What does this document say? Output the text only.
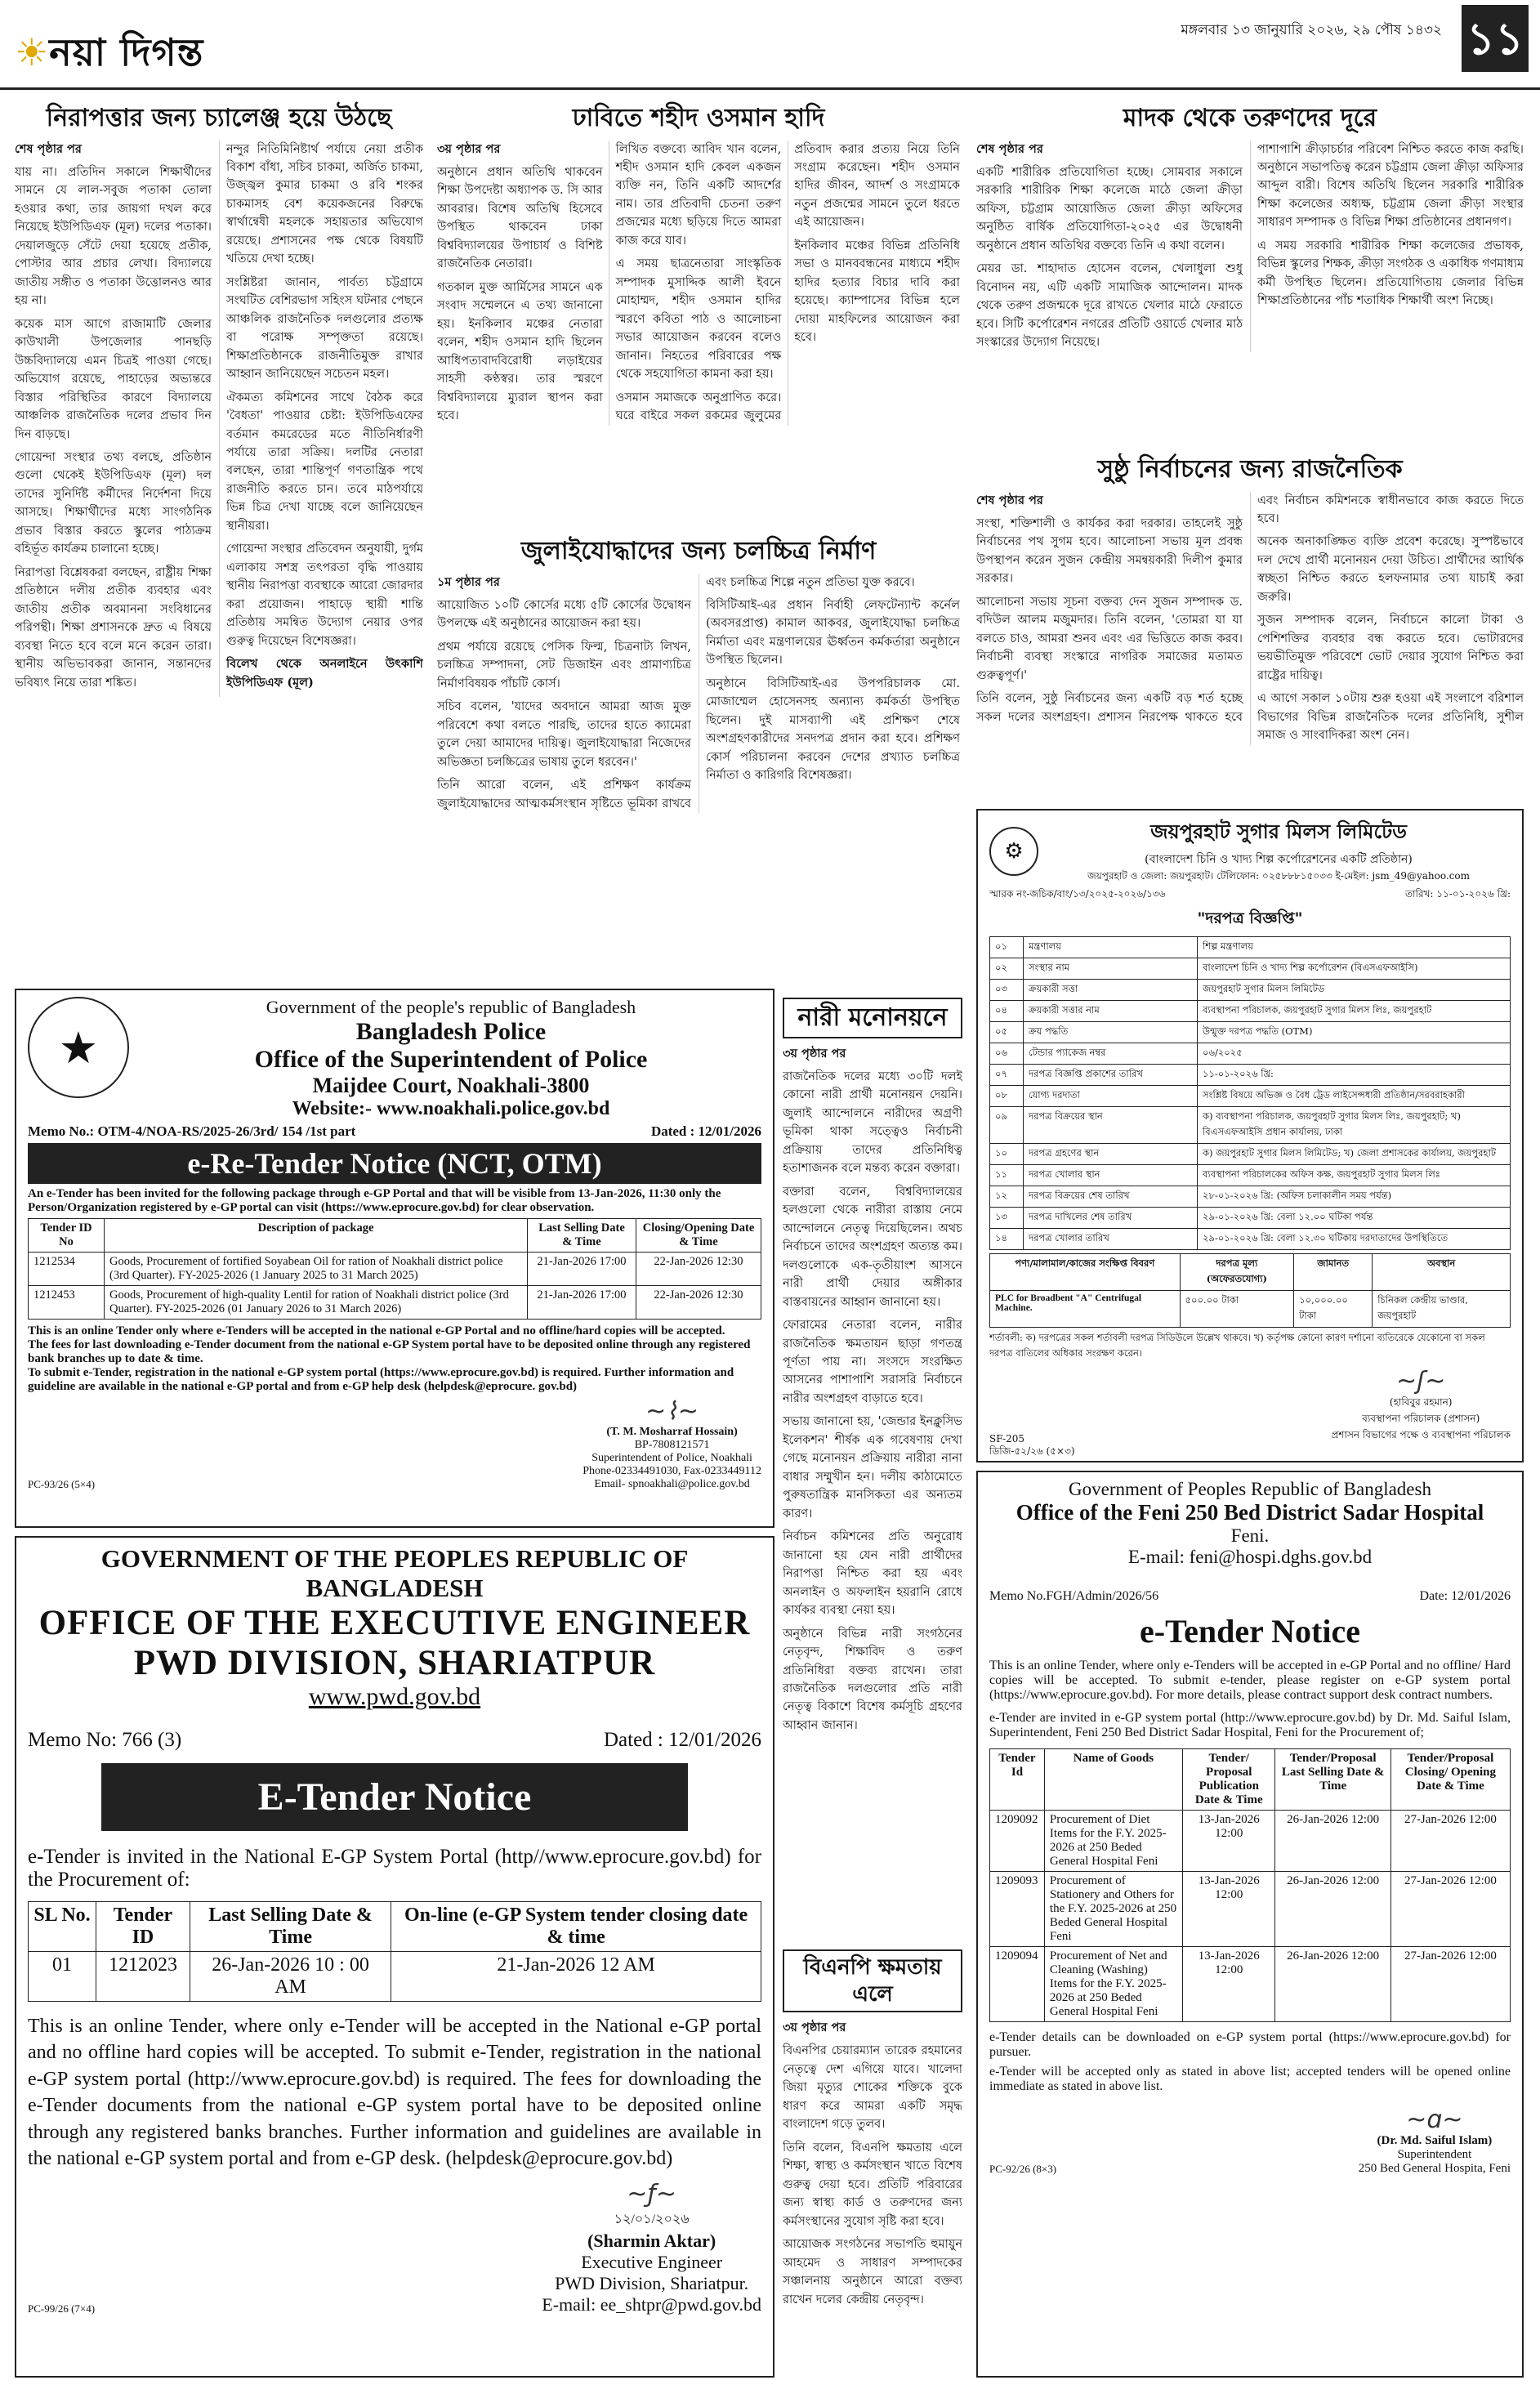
☀নয়া দিগন্ত	মঙ্গলবার ১৩ জানুয়ারি ২০২৬, ২৯ পৌষ ১৪৩২ ১১
নিরাপত্তার জন্য চ্যালেঞ্জ হয়ে উঠছে

শেষ পৃষ্ঠার পর

যায় না। প্রতিদিন সকালে শিক্ষার্থীদের সামনে যে লাল-সবুজ পতাকা তোলা হওয়ার কথা, তার জায়গা দখল করে নিয়েছে ইউপিডিএফ (মূল) দলের পতাকা। দেয়ালজুড়ে সেঁটে দেয়া হয়েছে প্রতীক, পোস্টার আর প্রচার লেখা। বিদ্যালয়ে জাতীয় সঙ্গীত ও পতাকা উত্তোলনও আর হয় না।

কয়েক মাস আগে রাজামাটি জেলার কাউখালী উপজেলার পানছড়ি উচ্চবিদ্যালয়ে এমন চিত্রই পাওয়া গেছে। অভিযোগ রয়েছে, পাহাড়ের অভ্যন্তরে বিস্তার পরিস্থিতির কারণে বিদ্যালয়ে আঞ্চলিক রাজনৈতিক দলের প্রভাব দিন দিন বাড়ছে।

গোয়েন্দা সংস্থার তথ্য বলছে, প্রতিষ্ঠান গুলো থেকেই ইউপিডিএফ (মূল) দল তাদের সুনির্দিষ্ট কর্মীদের নির্দেশনা দিয়ে আসছে। শিক্ষার্থীদের মধ্যে সাংগঠনিক প্রভাব বিস্তার করতে স্কুলের পাঠ্যক্রম বহির্ভূত কার্যক্রম চালানো হচ্ছে।

নিরাপত্তা বিশ্লেষকরা বলছেন, রাষ্ট্রীয় শিক্ষা প্রতিষ্ঠানে দলীয় প্রতীক ব্যবহার এবং জাতীয় প্রতীক অবমাননা সংবিধানের পরিপন্থী। শিক্ষা প্রশাসনকে দ্রুত এ বিষয়ে ব্যবস্থা নিতে হবে বলে মনে করেন তারা। স্থানীয় অভিভাবকরা জানান, সন্তানদের ভবিষ্যৎ নিয়ে তারা শঙ্কিত।

নন্দুর নিতিমিনিষ্টাৰ্থ পর্যায়ে নেয়া প্রতীক বিকাশ বাঁধা, সচিব চাকমা, অর্জিত চাকমা, উজ্জ্বল কুমার চাকমা ও রবি শংকর চাকমাসহ বেশ কয়েকজনের বিরুদ্ধে স্বার্থান্বেষী মহলকে সহায়তার অভিযোগ রয়েছে। প্রশাসনের পক্ষ থেকে বিষয়টি খতিয়ে দেখা হচ্ছে।

সংশ্লিষ্টরা জানান, পার্বত্য চট্টগ্রামে সংঘটিত বেশিরভাগ সহিংস ঘটনার পেছনে আঞ্চলিক রাজনৈতিক দলগুলোর প্রত্যক্ষ বা পরোক্ষ সম্পৃক্ততা রয়েছে। শিক্ষাপ্রতিষ্ঠানকে রাজনীতিমুক্ত রাখার আহ্বান জানিয়েছেন সচেতন মহল।

ঐকমত্য কমিশনের সাথে বৈঠক করে 'বৈধতা' পাওয়ার চেষ্টা: ইউপিডিএফের বর্তমান কমরেডের মতে নীতিনির্ধারণী পর্যায়ে তারা সক্রিয়। দলটির নেতারা বলছেন, তারা শান্তিপূর্ণ গণতান্ত্রিক পথে রাজনীতি করতে চান। তবে মাঠপর্যায়ে ভিন্ন চিত্র দেখা যাচ্ছে বলে জানিয়েছেন স্থানীয়রা।

গোয়েন্দা সংস্থার প্রতিবেদন অনুযায়ী, দুর্গম এলাকায় সশস্ত্র তৎপরতা বৃদ্ধি পাওয়ায় স্থানীয় নিরাপত্তা ব্যবস্থাকে আরো জোরদার করা প্রয়োজন। পাহাড়ে স্থায়ী শান্তি প্রতিষ্ঠায় সমন্বিত উদ্যোগ নেয়ার ওপর গুরুত্ব দিয়েছেন বিশেষজ্ঞরা।

বিলেখ থেকে অনলাইনে উৎকাশি ইউপিডিএফ (মূল)

ঢাবিতে শহীদ ওসমান হাদি

৩য় পৃষ্ঠার পর

অনুষ্ঠানে প্রধান অতিথি থাকবেন শিক্ষা উপদেষ্টা অধ্যাপক ড. সি আর আবরার। বিশেষ অতিথি হিসেবে উপস্থিত থাকবেন ঢাকা বিশ্ববিদ্যালয়ের উপাচার্য ও বিশিষ্ট রাজনৈতিক নেতারা।

গতকাল মুক্ত আর্মিসের সামনে এক সংবাদ সম্মেলনে এ তথ্য জানানো হয়। ইনকিলাব মঞ্চের নেতারা বলেন, শহীদ ওসমান হাদি ছিলেন আধিপত্যবাদবিরোধী লড়াইয়ের সাহসী কণ্ঠস্বর। তার স্মরণে বিশ্ববিদ্যালয়ে ম্যুরাল স্থাপন করা হবে।

লিখিত বক্তব্যে আবিদ খান বলেন, শহীদ ওসমান হাদি কেবল একজন ব্যক্তি নন, তিনি একটি আদর্শের নাম। তার প্রতিবাদী চেতনা তরুণ প্রজন্মের মধ্যে ছড়িয়ে দিতে আমরা কাজ করে যাব।

এ সময় ছাত্রনেতারা সাংস্কৃতিক সম্পাদক মুসাদ্দিক আলী ইবনে মোহাম্মদ, শহীদ ওসমান হাদির স্মরণে কবিতা পাঠ ও আলোচনা সভার আয়োজন করবেন বলেও জানান। নিহতের পরিবারের পক্ষ থেকে সহযোগিতা কামনা করা হয়।

ওসমান সমাজকে অনুপ্রাণিত করে। ঘরে বাইরে সকল রকমের জুলুমের প্রতিবাদ করার প্রত্যয় নিয়ে তিনি সংগ্রাম করেছেন। শহীদ ওসমান হাদির জীবন, আদর্শ ও সংগ্রামকে নতুন প্রজন্মের সামনে তুলে ধরতে এই আয়োজন।

ইনকিলাব মঞ্চের বিভিন্ন প্রতিনিধি সভা ও মানববন্ধনের মাধ্যমে শহীদ হাদির হত্যার বিচার দাবি করা হয়েছে। ক্যাম্পাসের বিভিন্ন হলে দোয়া মাহফিলের আয়োজন করা হবে।

জুলাইযোদ্ধাদের জন্য চলচ্চিত্র নির্মাণ

১ম পৃষ্ঠার পর

আয়োজিত ১০টি কোর্সের মধ্যে ৫টি কোর্সের উদ্বোধন উপলক্ষে এই অনুষ্ঠানের আয়োজন করা হয়।

প্রথম পর্যায়ে রয়েছে পেসিক ফিল্ম, চিত্রনাট্য লিখন, চলচ্চিত্র সম্পাদনা, সেট ডিজাইন এবং প্রামাণ্যচিত্র নির্মাণবিষয়ক পাঁচটি কোর্স।

সচিব বলেন, 'যাদের অবদানে আমরা আজ মুক্ত পরিবেশে কথা বলতে পারছি, তাদের হাতে ক্যামেরা তুলে দেয়া আমাদের দায়িত্ব। জুলাইযোদ্ধারা নিজেদের অভিজ্ঞতা চলচ্চিত্রের ভাষায় তুলে ধরবেন।'

তিনি আরো বলেন, এই প্রশিক্ষণ কার্যক্রম জুলাইযোদ্ধাদের আত্মকর্মসংস্থান সৃষ্টিতে ভূমিকা রাখবে এবং চলচ্চিত্র শিল্পে নতুন প্রতিভা যুক্ত করবে।

বিসিটিআই-এর প্রধান নির্বাহী লেফটেন্যান্ট কর্নেল (অবসরপ্রাপ্ত) কামাল আকবর, জুলাইযোদ্ধা চলচ্চিত্র নির্মাতা এবং মন্ত্রণালয়ের ঊর্ধ্বতন কর্মকর্তারা অনুষ্ঠানে উপস্থিত ছিলেন।

অনুষ্ঠানে বিসিটিআই-এর উপপরিচালক মো. মোজাম্মেল হোসেনসহ অন্যান্য কর্মকর্তা উপস্থিত ছিলেন। দুই মাসব্যাপী এই প্রশিক্ষণ শেষে অংশগ্রহণকারীদের সনদপত্র প্রদান করা হবে। প্রশিক্ষণ কোর্স পরিচালনা করবেন দেশের প্রখ্যাত চলচ্চিত্র নির্মাতা ও কারিগরি বিশেষজ্ঞরা।

মাদক থেকে তরুণদের দূরে

শেষ পৃষ্ঠার পর

একটি শারীরিক প্রতিযোগিতা হচ্ছে। সোমবার সকালে সরকারি শারীরিক শিক্ষা কলেজে মাঠে জেলা ক্রীড়া অফিস, চট্টগ্রাম আয়োজিত জেলা ক্রীড়া অফিসের অনুষ্ঠিত বার্ষিক প্রতিযোগিতা-২০২৫ এর উদ্বোধনী অনুষ্ঠানে প্রধান অতিথির বক্তব্যে তিনি এ কথা বলেন।

মেয়র ডা. শাহাদাত হোসেন বলেন, খেলাধুলা শুধু বিনোদন নয়, এটি একটি সামাজিক আন্দোলন। মাদক থেকে তরুণ প্রজন্মকে দূরে রাখতে খেলার মাঠে ফেরাতে হবে। সিটি কর্পোরেশন নগরের প্রতিটি ওয়ার্ডে খেলার মাঠ সংস্কারের উদ্যোগ নিয়েছে।

পাশাপাশি ক্রীড়াচর্চার পরিবেশ নিশ্চিত করতে কাজ করছি। অনুষ্ঠানে সভাপতিত্ব করেন চট্টগ্রাম জেলা ক্রীড়া অফিসার আব্দুল বারী। বিশেষ অতিথি ছিলেন সরকারি শারীরিক শিক্ষা কলেজের অধ্যক্ষ, চট্টগ্রাম জেলা ক্রীড়া সংস্থার সাধারণ সম্পাদক ও বিভিন্ন শিক্ষা প্রতিষ্ঠানের প্রধানগণ।

এ সময় সরকারি শারীরিক শিক্ষা কলেজের প্রভাষক, বিভিন্ন স্কুলের শিক্ষক, ক্রীড়া সংগঠক ও একাধিক গণমাধ্যম কর্মী উপস্থিত ছিলেন। প্রতিযোগিতায় জেলার বিভিন্ন শিক্ষাপ্রতিষ্ঠানের পাঁচ শতাধিক শিক্ষার্থী অংশ নিচ্ছে।

সুষ্ঠু নির্বাচনের জন্য রাজনৈতিক

শেষ পৃষ্ঠার পর

সংস্থা, শক্তিশালী ও কার্যকর করা দরকার। তাহলেই সুষ্ঠু নির্বাচনের পথ সুগম হবে। আলোচনা সভায় মূল প্রবন্ধ উপস্থাপন করেন সুজন কেন্দ্রীয় সমন্বয়কারী দিলীপ কুমার সরকার।

আলোচনা সভায় সূচনা বক্তব্য দেন সুজন সম্পাদক ড. বদিউল আলম মজুমদার। তিনি বলেন, 'তোমরা যা যা বলতে চাও, আমরা শুনব এবং এর ভিত্তিতে কাজ করব। নির্বাচনী ব্যবস্থা সংস্কারে নাগরিক সমাজের মতামত গুরুত্বপূর্ণ।'

তিনি বলেন, সুষ্ঠু নির্বাচনের জন্য একটি বড় শর্ত হচ্ছে সকল দলের অংশগ্রহণ। প্রশাসন নিরপেক্ষ থাকতে হবে এবং নির্বাচন কমিশনকে স্বাধীনভাবে কাজ করতে দিতে হবে।

অনেক অনাকাঙ্ক্ষিত ব্যক্তি প্রবেশ করেছে। সুস্পষ্টভাবে দল দেখে প্রার্থী মনোনয়ন দেয়া উচিত। প্রার্থীদের আর্থিক স্বচ্ছতা নিশ্চিত করতে হলফনামার তথ্য যাচাই করা জরুরি।

সুজন সম্পাদক বলেন, নির্বাচনে কালো টাকা ও পেশিশক্তির ব্যবহার বন্ধ করতে হবে। ভোটারদের ভয়ভীতিমুক্ত পরিবেশে ভোট দেয়ার সুযোগ নিশ্চিত করা রাষ্ট্রের দায়িত্ব।

এ আগে সকাল ১০টায় শুরু হওয়া এই সংলাপে বরিশাল বিভাগের বিভিন্ন রাজনৈতিক দলের প্রতিনিধি, সুশীল সমাজ ও সাংবাদিকরা অংশ নেন।

⚙
জয়পুরহাট সুগার মিলস লিমিটেড
(বাংলাদেশ চিনি ও খাদ্য শিল্প কর্পোরেশনের একটি প্রতিষ্ঠান)
জয়পুরহাট ও জেলা: জয়পুরহাট। টেলিফোন: ০২৫৮৮৮১৫০৩৩ ই-মেইল: jsm_49@yahoo.com
স্মারক নং-জচিক/বাং/১৩/২০২৫-২০২৬/১৩৬	তারিখ: ১১-০১-২০২৬ খ্রি:
"দরপত্র বিজ্ঞপ্তি"
০১	মন্ত্রণালয়	শিল্প মন্ত্রণালয়
০২	সংস্থার নাম	বাংলাদেশ চিনি ও খাদ্য শিল্প কর্পোরেশন (বিএসএফআইসি)
০৩	ক্রয়কারী সত্তা	জয়পুরহাট সুগার মিলস লিমিটেড
০৪	ক্রয়কারী সত্তার নাম	ব্যবস্থাপনা পরিচালক, জয়পুরহাট সুগার মিলস লিঃ, জয়পুরহাট
০৫	ক্রয় পদ্ধতি	উন্মুক্ত দরপত্র পদ্ধতি (OTM)
০৬	টেন্ডার প্যাকেজ নম্বর	০৬/২০২৫
০৭	দরপত্র বিজ্ঞপ্তি প্রকাশের তারিখ	১১-০১-২০২৬ খ্রি:
০৮	যোগ্য দরদাতা	সংশ্লিষ্ট বিষয়ে অভিজ্ঞ ও বৈধ ট্রেড লাইসেন্সধারী প্রতিষ্ঠান/সরবরাহকারী
০৯	দরপত্র বিক্রয়ের স্থান	ক) ব্যবস্থাপনা পরিচালক, জয়পুরহাট সুগার মিলস লিঃ, জয়পুরহাট; খ) বিএসএফআইসি প্রধান কার্যালয়, ঢাকা
১০	দরপত্র গ্রহণের স্থান	ক) জয়পুরহাট সুগার মিলস লিমিটেড; খ) জেলা প্রশাসকের কার্যালয়, জয়পুরহাট
১১	দরপত্র খোলার স্থান	ব্যবস্থাপনা পরিচালকের অফিস কক্ষ, জয়পুরহাট সুগার মিলস লিঃ
১২	দরপত্র বিক্রয়ের শেষ তারিখ	২৮-০১-২০২৬ খ্রি: (অফিস চলাকালীন সময় পর্যন্ত)
১৩	দরপত্র দাখিলের শেষ তারিখ	২৯-০১-২০২৬ খ্রি: বেলা ১২.০০ ঘটিকা পর্যন্ত
১৪	দরপত্র খোলার তারিখ	২৯-০১-২০২৬ খ্রি: বেলা ১২.৩০ ঘটিকায় দরদাতাদের উপস্থিতিতে
পণ্য/মালামাল/কাজের সংক্ষিপ্ত বিবরণ	দরপত্র মূল্য (অফেরতযোগ্য)	জামানত	অবস্থান
PLC for Broadbent "A" Centrifugal Machine.	৫০০.০০ টাকা	১০,০০০.০০ টাকা	চিনিকল কেন্দ্রীয় ভাণ্ডার, জয়পুরহাট
শর্তাবলী: ক) দরপত্রের সকল শর্তাবলী দরপত্র সিডিউলে উল্লেখ থাকবে। খ) কর্তৃপক্ষ কোনো কারণ দর্শানো ব্যতিরেকে যেকোনো বা সকল দরপত্র বাতিলের অধিকার সংরক্ষণ করেন।
SF-205
~ʃ~
(হাবিবুর রহমান)
ব্যবস্থাপনা পরিচালক (প্রশাসন)
প্রশাসন বিভাগের পক্ষে ও ব্যবস্থাপনা পরিচালক
ডিজি-৫২/২৬ (৫×৩)
★
Government of the people's republic of Bangladesh
Bangladesh Police
Office of the Superintendent of Police
Maijdee Court, Noakhali-3800
Website:- www.noakhali.police.gov.bd
Memo No.: OTM-4/NOA-RS/2025-26/3rd/ 154 /1st part	Dated : 12/01/2026
e-Re-Tender Notice (NCT, OTM)
An e-Tender has been invited for the following package through e-GP Portal and that will be visible from 13-Jan-2026, 11:30 only the Person/Organization registered by e-GP portal can visit (https://www.eprocure.gov.bd) for clear observation.
Tender ID No	Description of package	Last Selling Date & Time	Closing/Opening Date & Time
1212534	Goods, Procurement of fortified Soyabean Oil for ration of Noakhali district police (3rd Quarter). FY-2025-2026 (1 January 2025 to 31 March 2025)	21-Jan-2026 17:00	22-Jan-2026 12:30
1212453	Goods, Procurement of high-quality Lentil for ration of Noakhali district police (3rd Quarter). FY-2025-2026 (01 January 2026 to 31 March 2026)	21-Jan-2026 17:00	22-Jan-2026 12:30
This is an online Tender only where e-Tenders will be accepted in the national e-GP Portal and no offline/hard copies will be accepted.
The fees for last downloading e-Tender document from the national e-GP System portal have to be deposited online through any registered bank branches up to date & time.
To submit e-Tender, registration in the national e-GP system portal (https://www.eprocure.gov.bd) is required. Further information and guideline are available in the national e-GP portal and from e-GP help desk (helpdesk@eprocure. gov.bd)
PC-93/26 (5×4)
~⌇~
(T. M. Mosharraf Hossain)
BP-7808121571
Superintendent of Police, Noakhali
Phone-02334491030, Fax-0233449112
Email- spnoakhali@police.gov.bd
নারী মনোনয়নে

৩য় পৃষ্ঠার পর

রাজনৈতিক দলের মধ্যে ৩০টি দলই কোনো নারী প্রার্থী মনোনয়ন দেয়নি। জুলাই আন্দোলনে নারীদের অগ্রণী ভূমিকা থাকা সত্ত্বেও নির্বাচনী প্রক্রিয়ায় তাদের প্রতিনিধিত্ব হতাশাজনক বলে মন্তব্য করেন বক্তারা।

বক্তারা বলেন, বিশ্ববিদ্যালয়ের হলগুলো থেকে নারীরা রাস্তায় নেমে আন্দোলনে নেতৃত্ব দিয়েছিলেন। অথচ নির্বাচনে তাদের অংশগ্রহণ অত্যন্ত কম। দলগুলোকে এক-তৃতীয়াংশ আসনে নারী প্রার্থী দেয়ার অঙ্গীকার বাস্তবায়নের আহ্বান জানানো হয়।

ফোরামের নেতারা বলেন, নারীর রাজনৈতিক ক্ষমতায়ন ছাড়া গণতন্ত্র পূর্ণতা পায় না। সংসদে সংরক্ষিত আসনের পাশাপাশি সরাসরি নির্বাচনে নারীর অংশগ্রহণ বাড়াতে হবে।

সভায় জানানো হয়, 'জেন্ডার ইনক্লুসিভ ইলেকশন' শীর্ষক এক গবেষণায় দেখা গেছে মনোনয়ন প্রক্রিয়ায় নারীরা নানা বাধার সম্মুখীন হন। দলীয় কাঠামোতে পুরুষতান্ত্রিক মানসিকতা এর অন্যতম কারণ।

নির্বাচন কমিশনের প্রতি অনুরোধ জানানো হয় যেন নারী প্রার্থীদের নিরাপত্তা নিশ্চিত করা হয় এবং অনলাইন ও অফলাইন হয়রানি রোধে কার্যকর ব্যবস্থা নেয়া হয়।

অনুষ্ঠানে বিভিন্ন নারী সংগঠনের নেতৃবৃন্দ, শিক্ষাবিদ ও তরুণ প্রতিনিধিরা বক্তব্য রাখেন। তারা রাজনৈতিক দলগুলোর প্রতি নারী নেতৃত্ব বিকাশে বিশেষ কর্মসূচি গ্রহণের আহ্বান জানান।

বিএনপি ক্ষমতায় এলে

৩য় পৃষ্ঠার পর

বিএনপির চেয়ারম্যান তারেক রহমানের নেতৃত্বে দেশ এগিয়ে যাবে। খালেদা জিয়া মৃত্যুর শোকের শক্তিকে বুকে ধারণ করে আমরা একটি সমৃদ্ধ বাংলাদেশ গড়ে তুলব।

তিনি বলেন, বিএনপি ক্ষমতায় এলে শিক্ষা, স্বাস্থ্য ও কর্মসংস্থান খাতে বিশেষ গুরুত্ব দেয়া হবে। প্রতিটি পরিবারের জন্য স্বাস্থ্য কার্ড ও তরুণদের জন্য কর্মসংস্থানের সুযোগ সৃষ্টি করা হবে।

আয়োজক সংগঠনের সভাপতি হুমায়ুন আহমেদ ও সাধারণ সম্পাদকের সঞ্চালনায় অনুষ্ঠানে আরো বক্তব্য রাখেন দলের কেন্দ্রীয় নেতৃবৃন্দ।

GOVERNMENT OF THE PEOPLES REPUBLIC OF BANGLADESH
OFFICE OF THE EXECUTIVE ENGINEER
PWD DIVISION, SHARIATPUR
www.pwd.gov.bd
Memo No: 766 (3)	Dated : 12/01/2026
E-Tender Notice
e-Tender is invited in the National E-GP System Portal (http//www.eprocure.gov.bd) for the Procurement of:
SL No.	Tender ID	Last Selling Date & Time	On-line (e-GP System tender closing date & time
01	1212023	26-Jan-2026 10 : 00 AM	21-Jan-2026 12 AM
This is an online Tender, where only e-Tender will be accepted in the National e-GP portal and no offline hard copies will be accepted. To submit e-Tender, registration in the national e-GP system portal (http://www.eprocure.gov.bd) is required. The fees for downloading the e-Tender documents from the national e-GP system portal have to be deposited online through any registered banks branches. Further information and guidelines are available in the national e-GP system portal and from e-GP desk. (helpdesk@eprocure.gov.bd)
PC-99/26 (7×4)
~ƒ~
১২/০১/২০২৬
(Sharmin Aktar)
Executive Engineer
PWD Division, Shariatpur.
E-mail: ee_shtpr@pwd.gov.bd
Government of Peoples Republic of Bangladesh
Office of the Feni 250 Bed District Sadar Hospital
Feni.
E-mail: feni@hospi.dghs.gov.bd
Memo No.FGH/Admin/2026/56	Date: 12/01/2026
e-Tender Notice
This is an online Tender, where only e-Tenders will be accepted in e-GP Portal and no offline/ Hard copies will be accepted. To submit e-tender, please register on e-GP system portal (https://www.eprocure.gov.bd). For more details, please contract support desk contract numbers.
e-Tender are invited in e-GP system portal (http://www.eprocure.gov.bd) by Dr. Md. Saiful Islam, Superintendent, Feni 250 Bed District Sadar Hospital, Feni for the Procurement of;
Tender Id	Name of Goods	Tender/ Proposal Publication Date & Time	Tender/Proposal Last Selling Date & Time	Tender/Proposal Closing/ Opening Date & Time
1209092	Procurement of Diet Items for the F.Y. 2025-2026 at 250 Beded General Hospital Feni	13-Jan-2026 12:00	26-Jan-2026 12:00	27-Jan-2026 12:00
1209093	Procurement of Stationery and Others for the F.Y. 2025-2026 at 250 Beded General Hospital Feni	13-Jan-2026 12:00	26-Jan-2026 12:00	27-Jan-2026 12:00
1209094	Procurement of Net and Cleaning (Washing) Items for the F.Y. 2025-2026 at 250 Beded General Hospital Feni	13-Jan-2026 12:00	26-Jan-2026 12:00	27-Jan-2026 12:00
e-Tender details can be downloaded on e-GP system portal (https://www.eprocure.gov.bd) for pursuer.
e-Tender will be accepted only as stated in above list; accepted tenders will be opened online immediate as stated in above list.
PC-92/26 (8×3)
~ɑ~
(Dr. Md. Saiful Islam)
Superintendent
250 Bed General Hospita, Feni
